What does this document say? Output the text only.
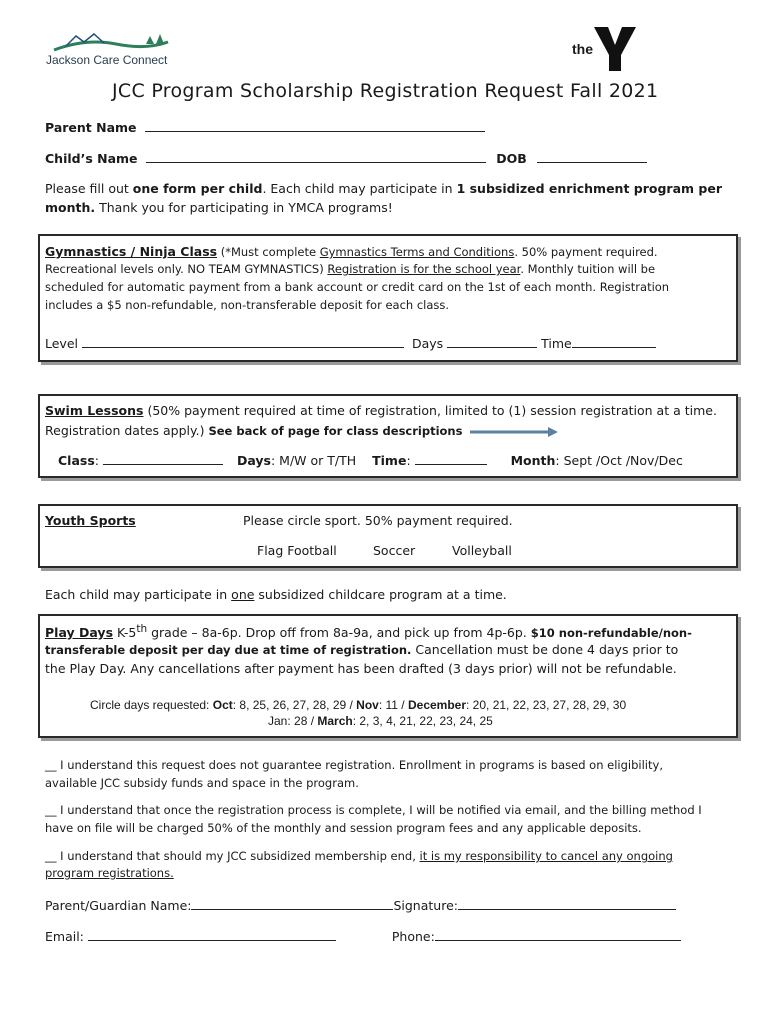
Jackson Care Connect
the
JCC Program Scholarship Registration Request Fall 2021
Parent Name
Child’s Name	DOB
Please fill out one form per child. Each child may participate in 1 subsidized enrichment program per
month. Thank you for participating in YMCA programs!
Gymnastics / Ninja Class (*Must complete Gymnastics Terms and Conditions. 50% payment required.
Recreational levels only. NO TEAM GYMNASTICS) Registration is for the school year. Monthly tuition will be
scheduled for automatic payment from a bank account or credit card on the 1st of each month. Registration
includes a $5 non-refundable, non-transferable deposit for each class.
Level	Days	Time
Swim Lessons (50% payment required at time of registration, limited to (1) session registration at a time.
Registration dates apply.) See back of page for class descriptions
Class:	Days: M/W or T/TH Time:	Month: Sept /Oct /Nov/Dec
Youth Sports	Please circle sport. 50% payment required.
Flag Football	Soccer	Volleyball
Each child may participate in one subsidized childcare program at a time.
Play Days K-5th grade – 8a-6p. Drop off from 8a-9a, and pick up from 4p-6p. $10 non-refundable/non-
transferable deposit per day due at time of registration. Cancellation must be done 4 days prior to
the Play Day. Any cancellations after payment has been drafted (3 days prior) will not be refundable.
Circle days requested: Oct: 8, 25, 26, 27, 28, 29 / Nov: 11 / December: 20, 21, 22, 23, 27, 28, 29, 30
Jan: 28 / March: 2, 3, 4, 21, 22, 23, 24, 25
__ I understand this request does not guarantee registration. Enrollment in programs is based on eligibility,
available JCC subsidy funds and space in the program.
__ I understand that once the registration process is complete, I will be notified via email, and the billing method I
have on file will be charged 50% of the monthly and session program fees and any applicable deposits.
__ I understand that should my JCC subsidized membership end, it is my responsibility to cancel any ongoing
program registrations.
Parent/Guardian Name:	Signature:
Email:	Phone:
